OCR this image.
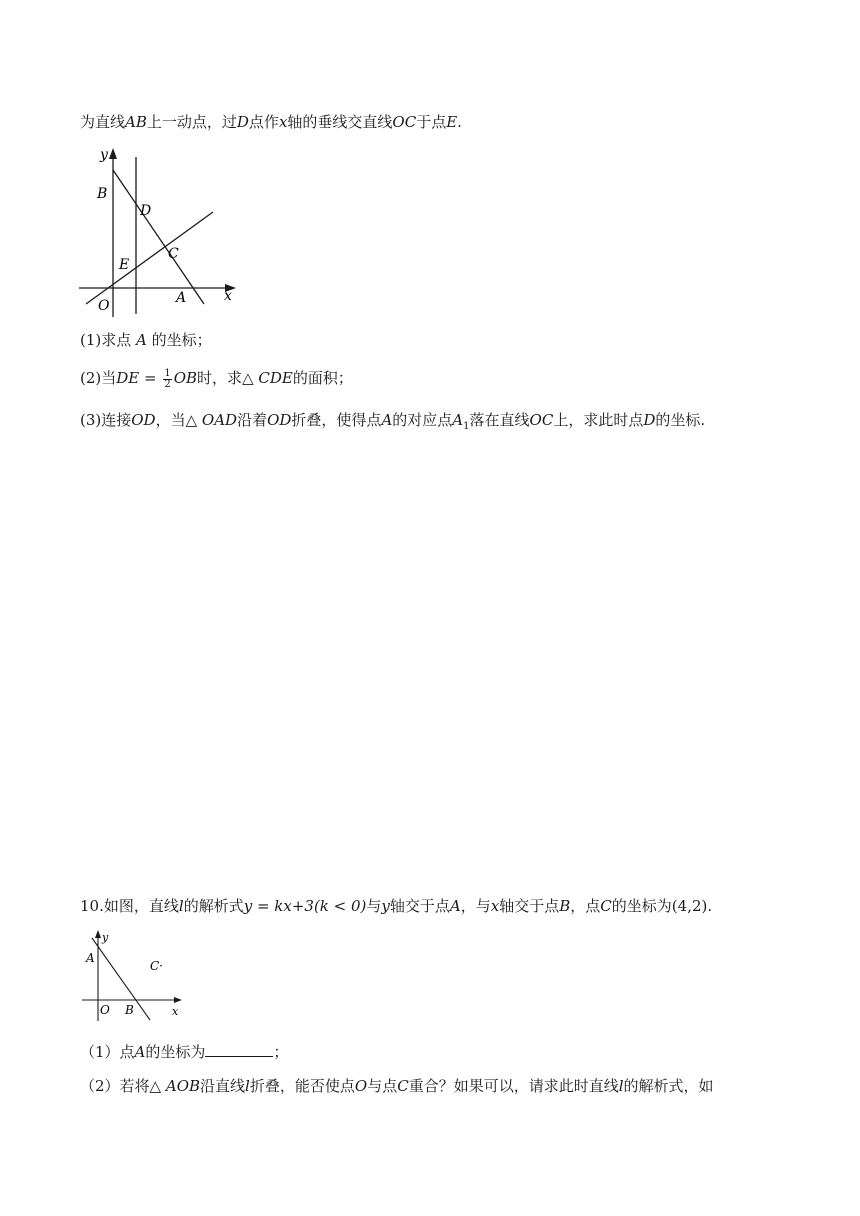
为直线AB上一动点，过D点作x轴的垂线交直线OC于点E.
y
x
B
D
C
E
O	A
(1)求点 A 的坐标；
(2)当DE = $\frac{1}{2}$ OB时，求△ CDE的面积；
(3)连接OD，当△ OAD沿着OD折叠，使得点A的对应点$A_1$落在直线OC上，求此时点D的坐标.
10.如图，直线l的解析式y = kx+3(k < 0)与y轴交于点A，与x轴交于点B，点C的坐标为(4,2).
y
x
A
C·
O B
（1）点A的坐标为	；
（2）若将△ AOB沿直线l折叠，能否使点O与点C重合？如果可以，请求此时直线l的解析式，如
